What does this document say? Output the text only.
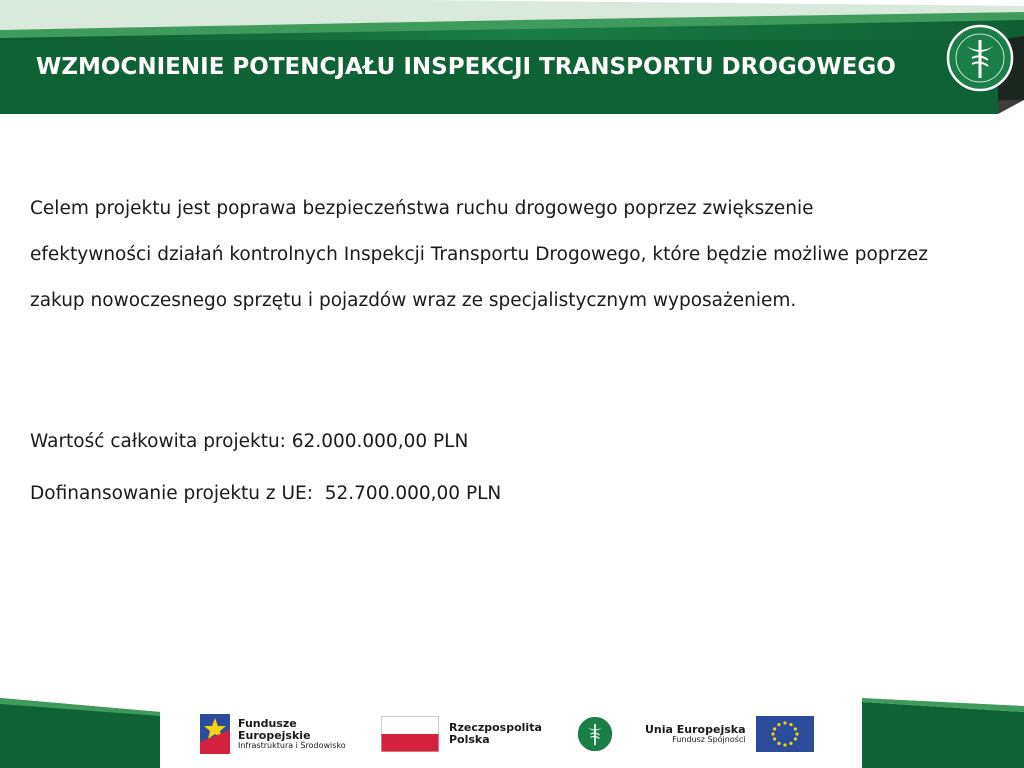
WZMOCNIENIE POTENCJAŁU INSPEKCJI TRANSPORTU DROGOWEGO

Celem projektu jest poprawa bezpieczeństwa ruchu drogowego poprzez zwiększenie efektywności działań kontrolnych Inspekcji Transportu Drogowego, które będzie możliwe poprzez zakup nowoczesnego sprzętu i pojazdów wraz ze specjalistycznym wyposażeniem.

Wartość całkowita projektu: 62.000.000,00 PLN

Dofinansowanie projektu z UE:  52.700.000,00 PLN

Fundusze
Europejskie
Infrastruktura i Środowisko
Rzeczpospolita
Polska
Unia Europejska
Fundusz Spójności
